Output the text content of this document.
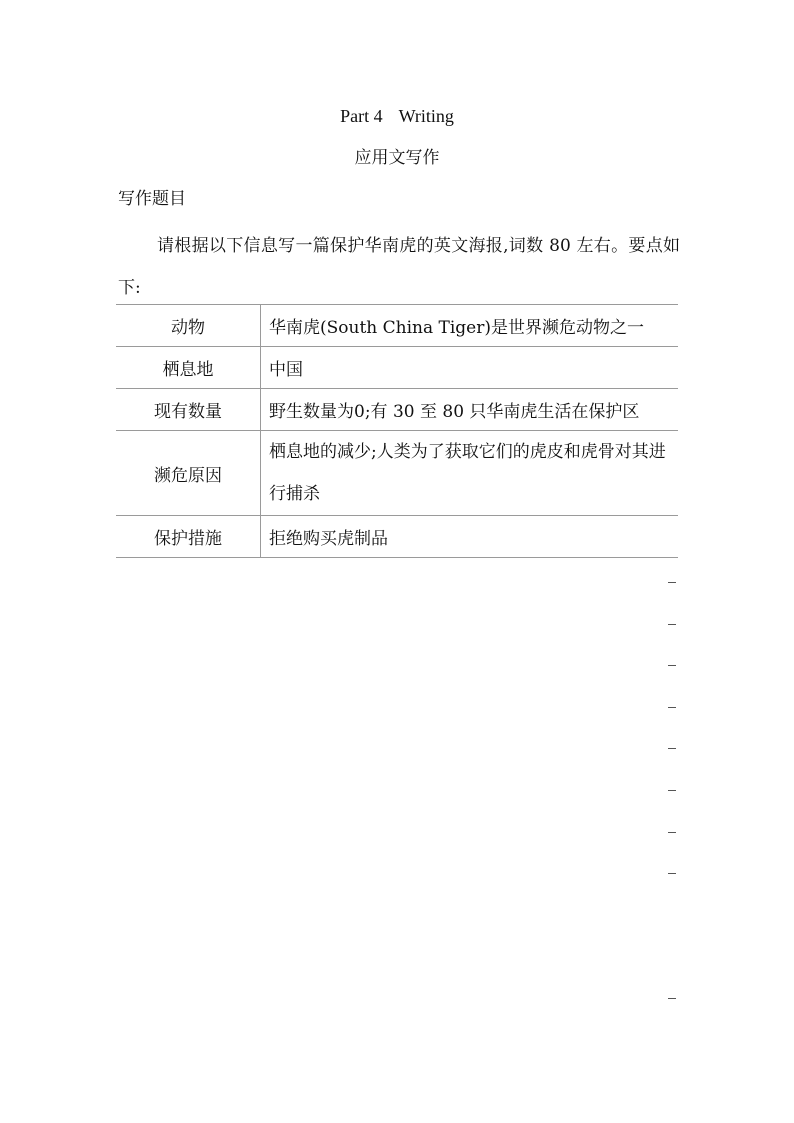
Part 4 Writing
应用文写作
写作题目
请根据以下信息写一篇保护华南虎的英文海报,词数 80 左右。要点如下:
动物	华南虎(South China Tiger)是世界濒危动物之一
栖息地	中国
现有数量	野生数量为0;有 30 至 80 只华南虎生活在保护区
濒危原因	栖息地的减少;人类为了获取它们的虎皮和虎骨对其进行捕杀
保护措施	拒绝购买虎制品
